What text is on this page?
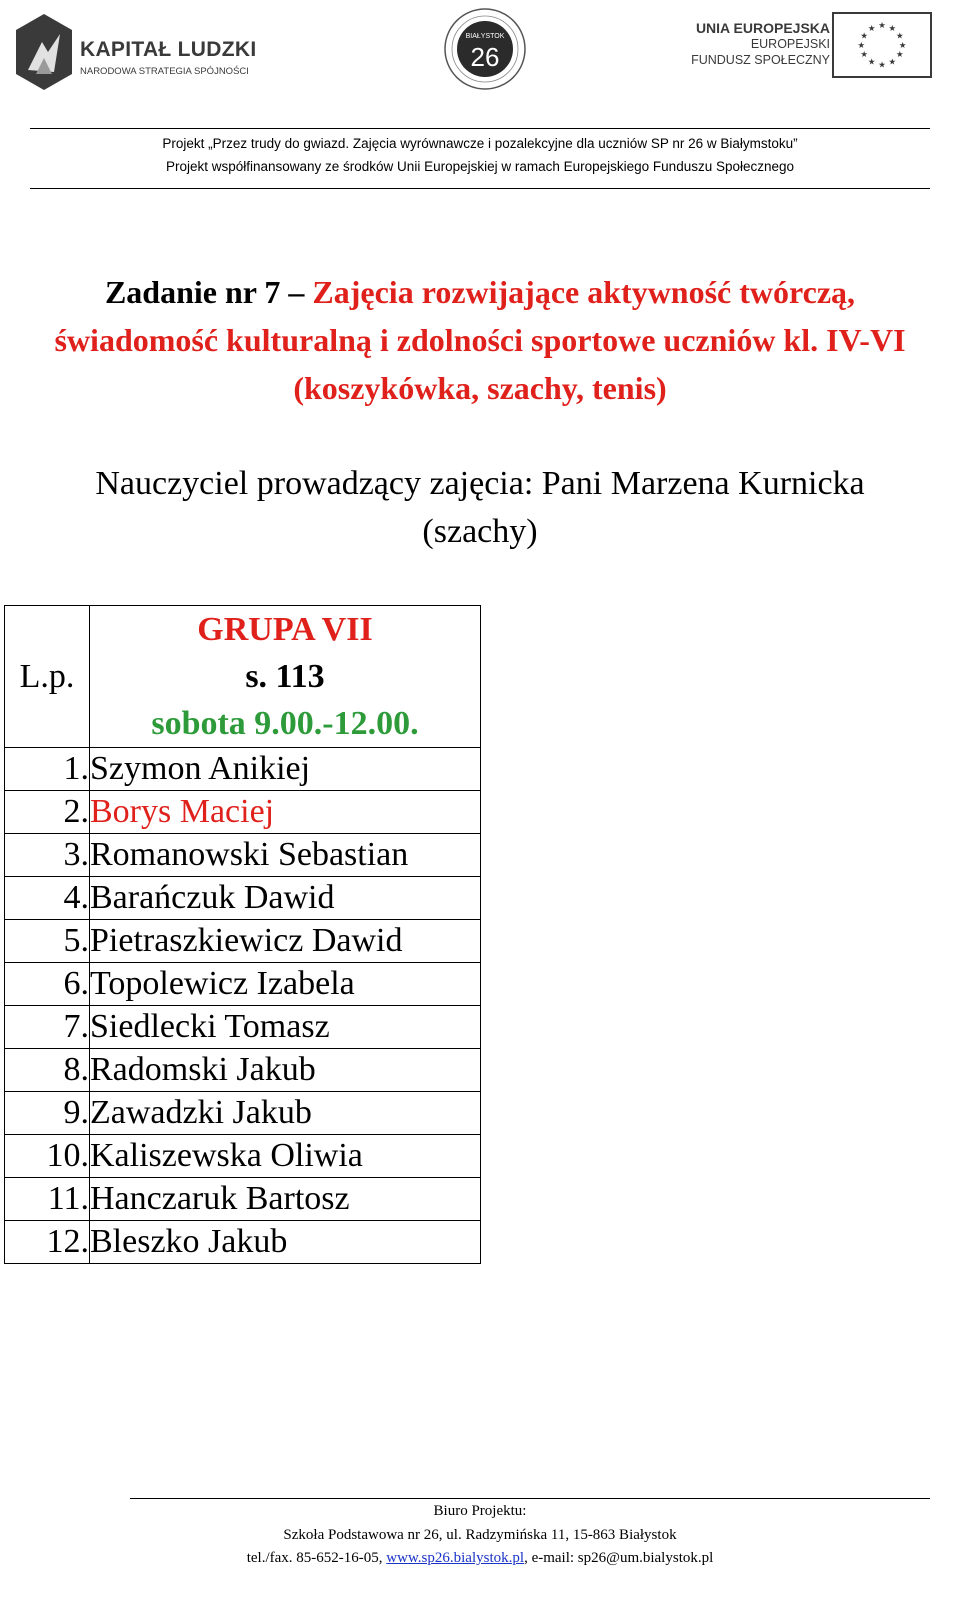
KAPITAŁ LUDZKI
NARODOWA STRATEGIA SPÓJNOŚCI
BIAŁYSTOK
26
UNIA EUROPEJSKA
EUROPEJSKI
FUNDUSZ SPOŁECZNY
★ ★
★
★
★
★
★
★
★
★
★
★
Projekt „Przez trudy do gwiazd. Zajęcia wyrównawcze i pozalekcyjne dla uczniów SP nr 26 w Białymstoku”
Projekt współfinansowany ze środków Unii Europejskiej w ramach Europejskiego Funduszu Społecznego
Zadanie nr 7 – Zajęcia rozwijające aktywność twórczą, świadomość kulturalną i zdolności sportowe uczniów kl. IV-VI (koszykówka, szachy, tenis)
Nauczyciel prowadzący zajęcia: Pani Marzena Kurnicka
(szachy)
L.p.	GRUPA VII
s. 113
sobota 9.00.-12.00.

1.	Szymon Anikiej
2.	Borys Maciej
3.	Romanowski Sebastian
4.	Barańczuk Dawid
5.	Pietraszkiewicz Dawid
6.	Topolewicz Izabela
7.	Siedlecki Tomasz
8.	Radomski Jakub
9.	Zawadzki Jakub
10.	Kaliszewska Oliwia
11.	Hanczaruk Bartosz
12.	Bleszko Jakub
Biuro Projektu:
Szkoła Podstawowa nr 26, ul. Radzymińska 11, 15-863 Białystok
tel./fax. 85-652-16-05, www.sp26.bialystok.pl, e-mail: sp26@um.bialystok.pl
